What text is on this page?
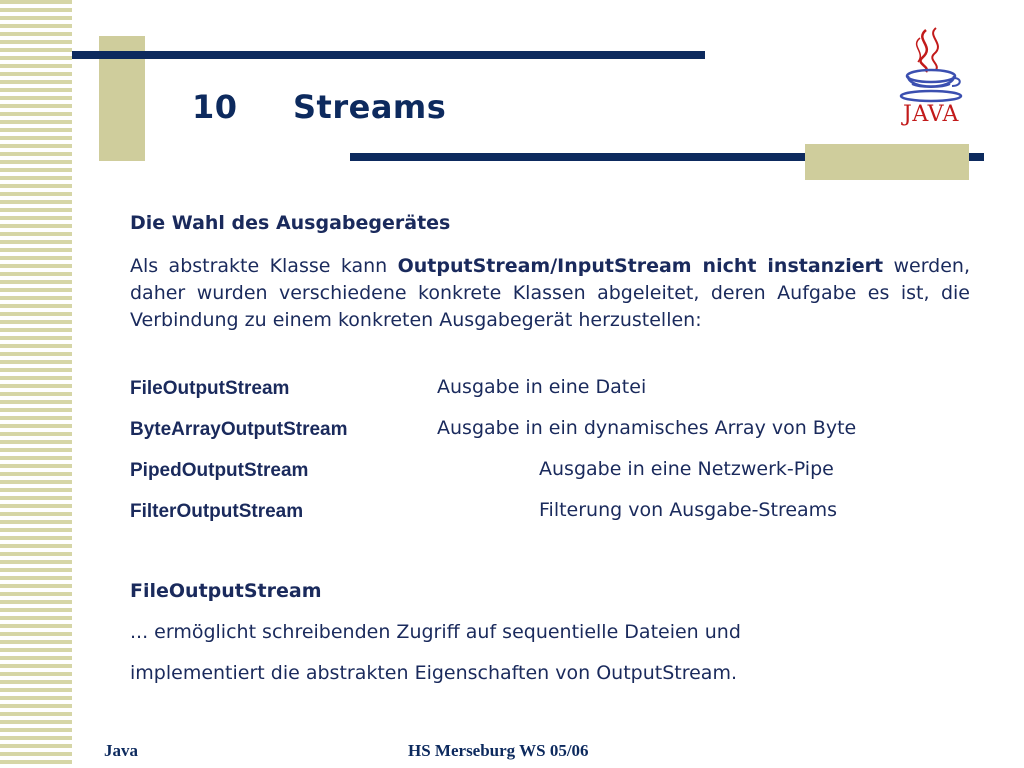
10 Streams	JAVA
Die Wahl des Ausgabegerätes
Als abstrakte Klasse kann OutputStream/InputStream nicht instanziert werden, daher wurden verschiedene konkrete Klassen abgeleitet, deren Aufgabe es ist, die Verbindung zu einem konkreten Ausgabegerät herzustellen:
FileOutputStream	Ausgabe in eine Datei
ByteArrayOutputStream	Ausgabe in ein dynamisches Array von Byte
PipedOutputStream	Ausgabe in eine Netzwerk-Pipe
FilterOutputStream	Filterung von Ausgabe-Streams
FileOutputStream
... ermöglicht schreibenden Zugriff auf sequentielle Dateien und
implementiert die abstrakten Eigenschaften von OutputStream.
Java	HS Merseburg WS 05/06
